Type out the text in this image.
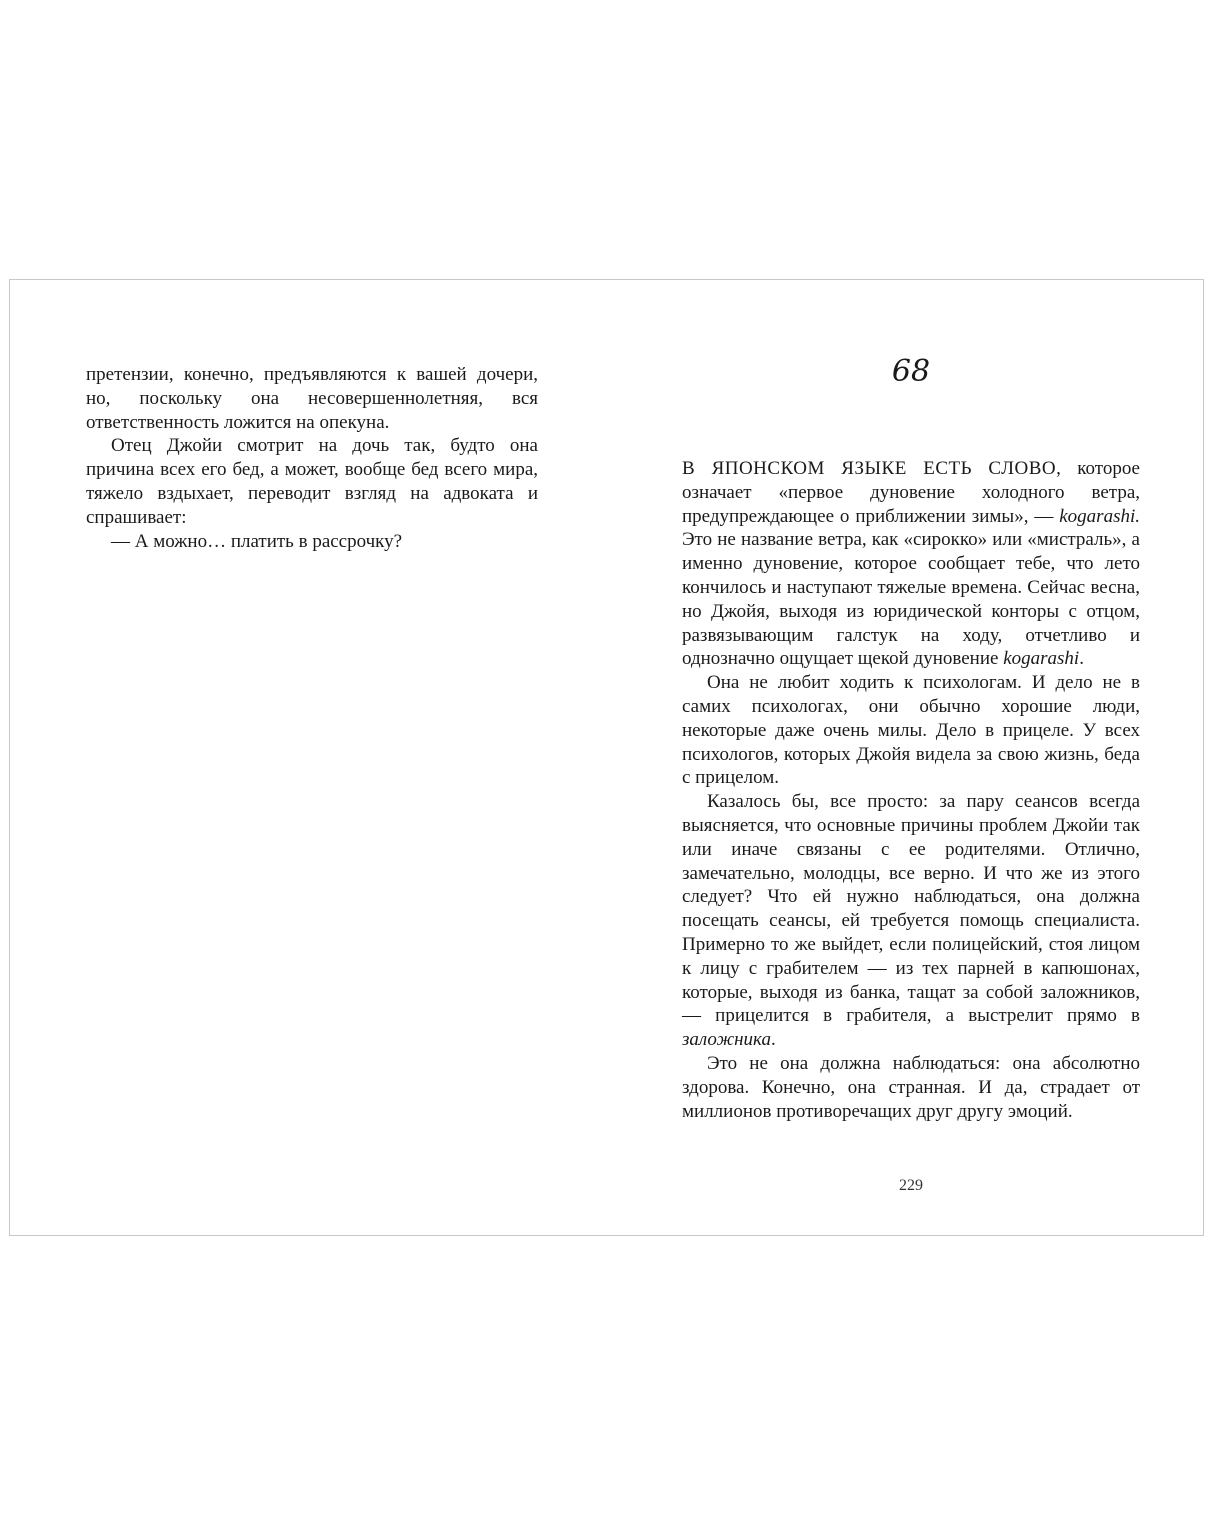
претензии, конечно, предъявляются к вашей дочери, но, поскольку она несовершеннолетняя, вся ответственность ложится на опекуна.

Отец Джойи смотрит на дочь так, будто она причина всех его бед, а может, вообще бед всего мира, тяжело вздыхает, переводит взгляд на адвоката и спрашивает:

— А можно… платить в рассрочку?

68

В ЯПОНСКОМ ЯЗЫКЕ ЕСТЬ СЛОВО, которое означает «первое дуновение холодного ветра, предупреждающее о приближении зимы», — kogarashi. Это не название ветра, как «сирокко» или «мистраль», а именно дуновение, которое сообщает тебе, что лето кончилось и наступают тяжелые времена. Сейчас весна, но Джойя, выходя из юридической конторы с отцом, развязывающим галстук на ходу, отчетливо и однозначно ощущает щекой дуновение kogarashi.

Она не любит ходить к психологам. И дело не в самих психологах, они обычно хорошие люди, некоторые даже очень милы. Дело в прицеле. У всех психологов, которых Джойя видела за свою жизнь, беда с прицелом.

Казалось бы, все просто: за пару сеансов всегда выясняется, что основные причины проблем Джойи так или иначе связаны с ее родителями. Отлично, замечательно, молодцы, все верно. И что же из этого следует? Что ей нужно наблюдаться, она должна посещать сеансы, ей требуется помощь специалиста. Примерно то же выйдет, если полицейский, стоя лицом к лицу с грабителем — из тех парней в капюшонах, которые, выходя из банка, тащат за собой заложников, — прицелится в грабителя, а выстрелит прямо в заложника.

Это не она должна наблюдаться: она абсолютно здорова. Конечно, она странная. И да, страдает от миллионов противоречащих друг другу эмоций.

229
